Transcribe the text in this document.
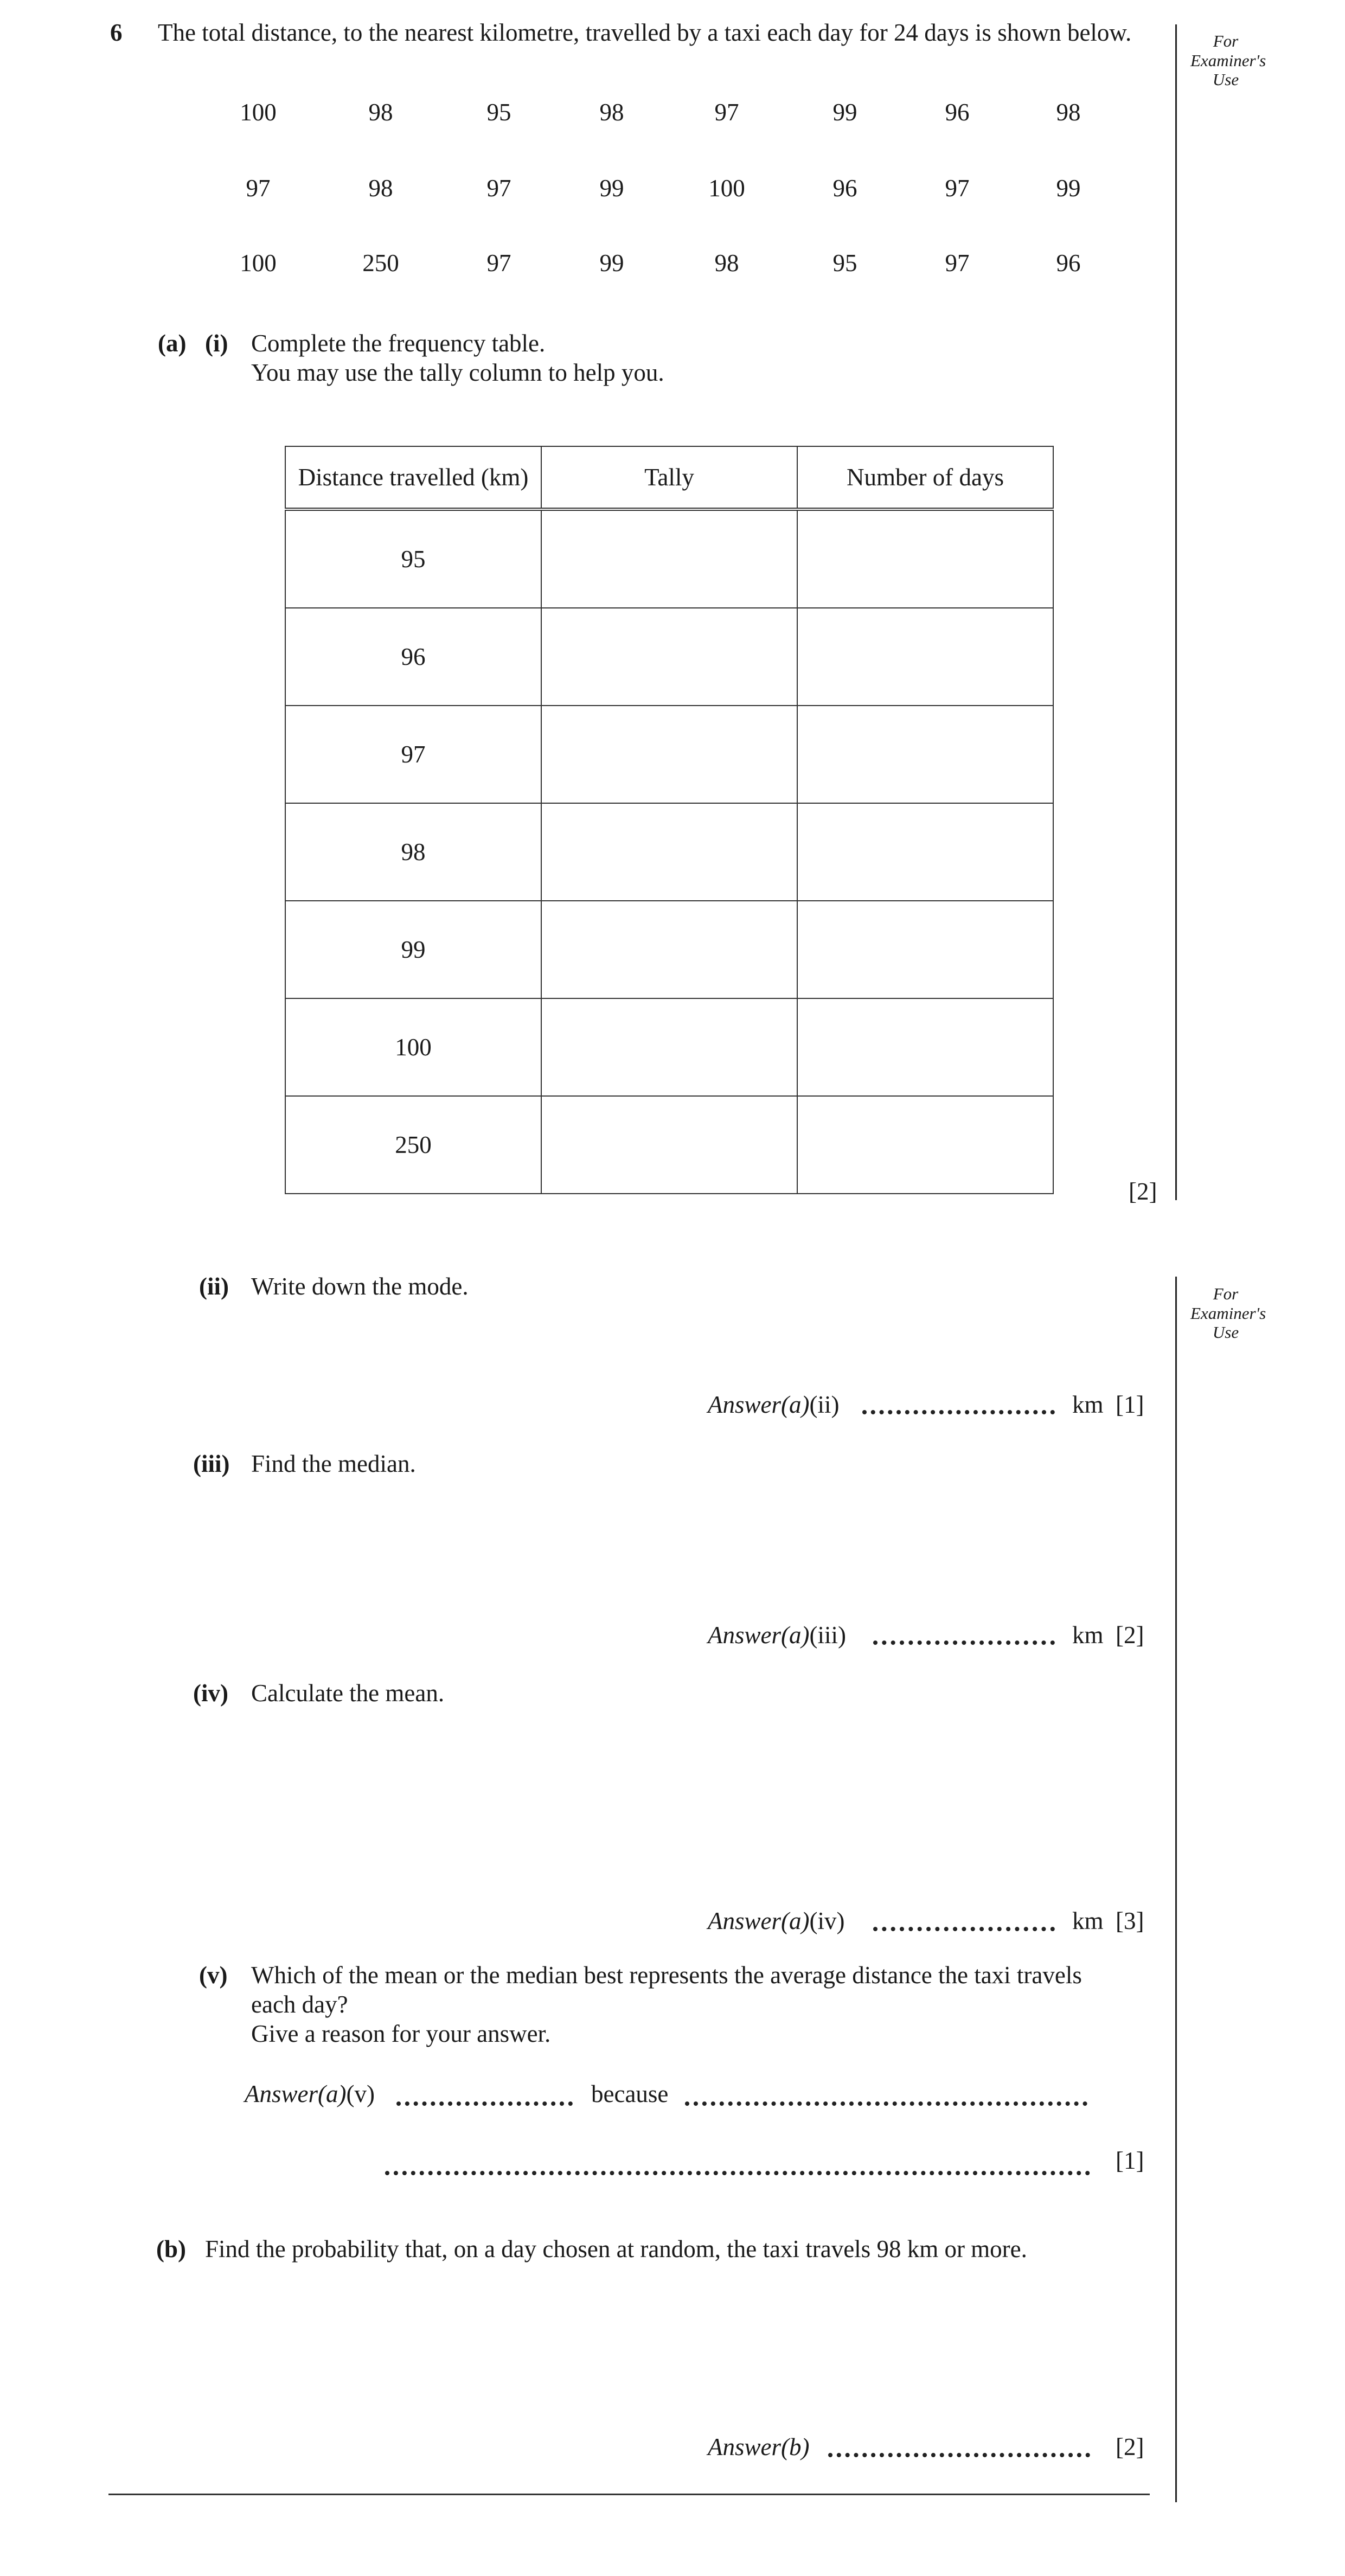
6 The total distance, to the nearest kilometre, travelled by a taxi each day for 24 days is shown below.
100	98	95	98	97	99	96	98
97	98	97	99	100	96	97	99
100	250	97	99	98	95	97	96
For
Examiner's
Use
(a) (i) Complete the frequency table.
You may use the tally column to help you.
Distance travelled (km)	Tally	Number of days
95		
96		
97		
98		
99		
100		
250		
[2]
For
Examiner's
Use
(ii) Write down the mode.
Answer(a)(ii)	km [1]
(iii) Find the median.
Answer(a)(iii)	km [2]
(iv) Calculate the mean.
Answer(a)(iv)	km [3]
(v) Which of the mean or the median best represents the average distance the taxi travels
each day?
Give a reason for your answer.
Answer(a)(v)	because
[1]
(b) Find the probability that, on a day chosen at random, the taxi travels 98 km or more.
Answer(b)	[2]
